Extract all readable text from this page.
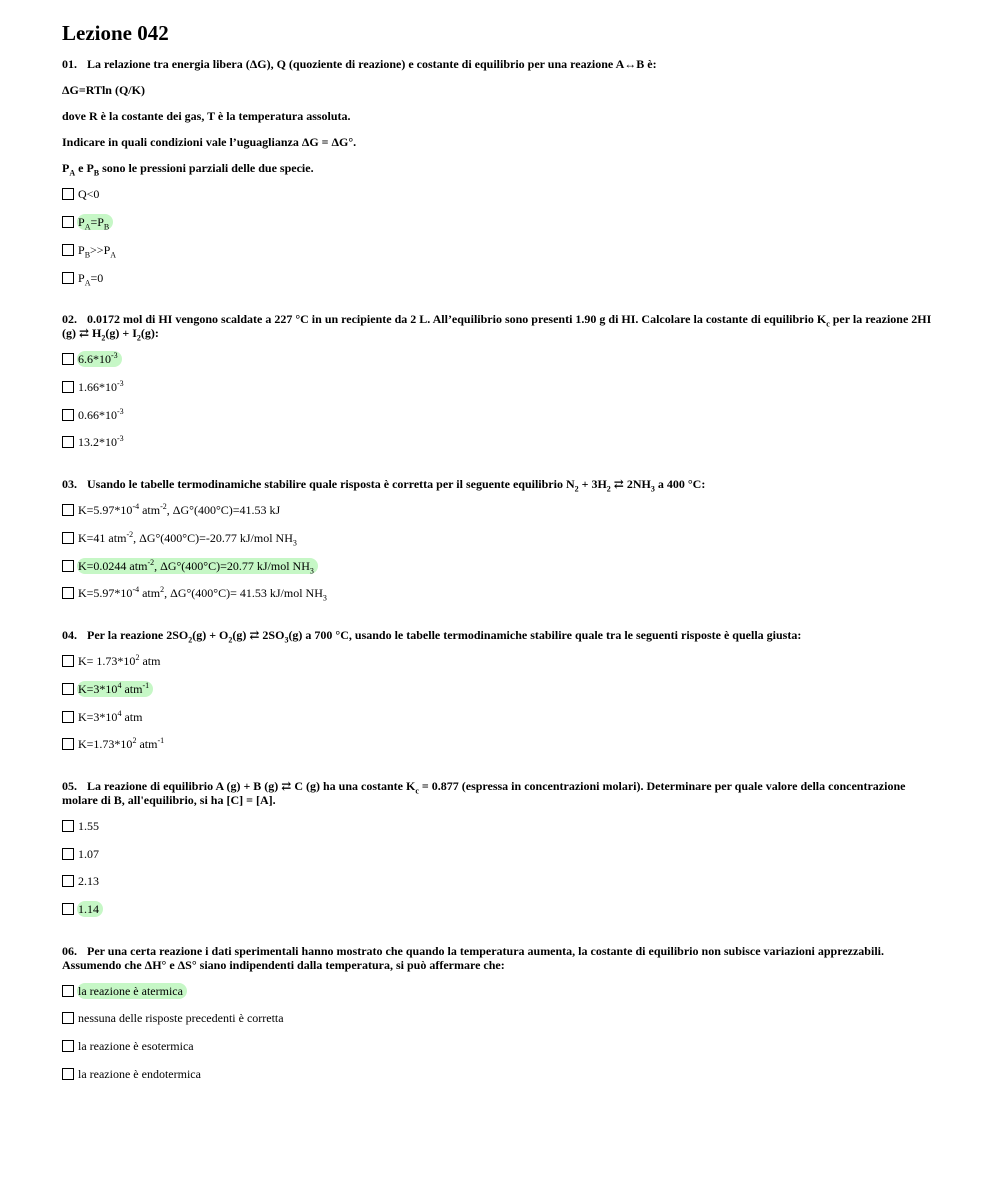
Lezione 042
01. La relazione tra energia libera (ΔG), Q (quoziente di reazione) e costante di equilibrio per una reazione A↔B è:
ΔG=RTln (Q/K)
dove R è la costante dei gas, T è la temperatura assoluta.
Indicare in quali condizioni vale l’uguaglianza ΔG = ΔG°.
$P_A$ e $P_B$ sono le pressioni parziali delle due specie.
Q<0
$P_A=P_B$
$P_B>>P_A$
$P_A=0$
02. 0.0172 mol di HI vengono scaldate a 227 °C in un recipiente da 2 L. All’equilibrio sono presenti 1.90 g di HI. Calcolare la costante di equilibrio $K_c$ per la reazione 2HI (g) ⇄ $H_2(g) + I_2(g)$:
$6.6*10^{-3}$
$1.66*10^{-3}$
$0.66*10^{-3}$
$13.2*10^{-3}$
03. Usando le tabelle termodinamiche stabilire quale risposta è corretta per il seguente equilibrio $N_2 + 3H_2$ ⇄ $2NH_3$ a 400 °C:
$K=5.97*10^{-4}$ atm$^{-2}$, ΔG°(400°C)=41.53 kJ
K=41 atm$^{-2}$, ΔG°(400°C)=-20.77 kJ/mol $NH_3$
K=0.0244 atm$^{-2}$, ΔG°(400°C)=20.77 kJ/mol $NH_3$
$K=5.97*10^{-4}$ atm$^2$, ΔG°(400°C)= 41.53 kJ/mol $NH_3$
04. Per la reazione $2SO_2(g) + O_2(g)$ ⇄ $2SO_3(g)$ a 700 °C, usando le tabelle termodinamiche stabilire quale tra le seguenti risposte è quella giusta:
$K= 1.73*10^2$ atm
$K=3*10^4$ atm$^{-1}$
$K=3*10^4$ atm
$K=1.73*10^2$ atm$^{-1}$
05. La reazione di equilibrio A (g) + B (g) ⇄ C (g) ha una costante $K_c = 0.877$ (espressa in concentrazioni molari). Determinare per quale valore della concentrazione molare di B, all'equilibrio, si ha [C] = [A].
1.55
1.07
2.13
1.14
06. Per una certa reazione i dati sperimentali hanno mostrato che quando la temperatura aumenta, la costante di equilibrio non subisce variazioni apprezzabili. Assumendo che ΔH° e ΔS° siano indipendenti dalla temperatura, si può affermare che:
la reazione è atermica
nessuna delle risposte precedenti è corretta
la reazione è esotermica
la reazione è endotermica
